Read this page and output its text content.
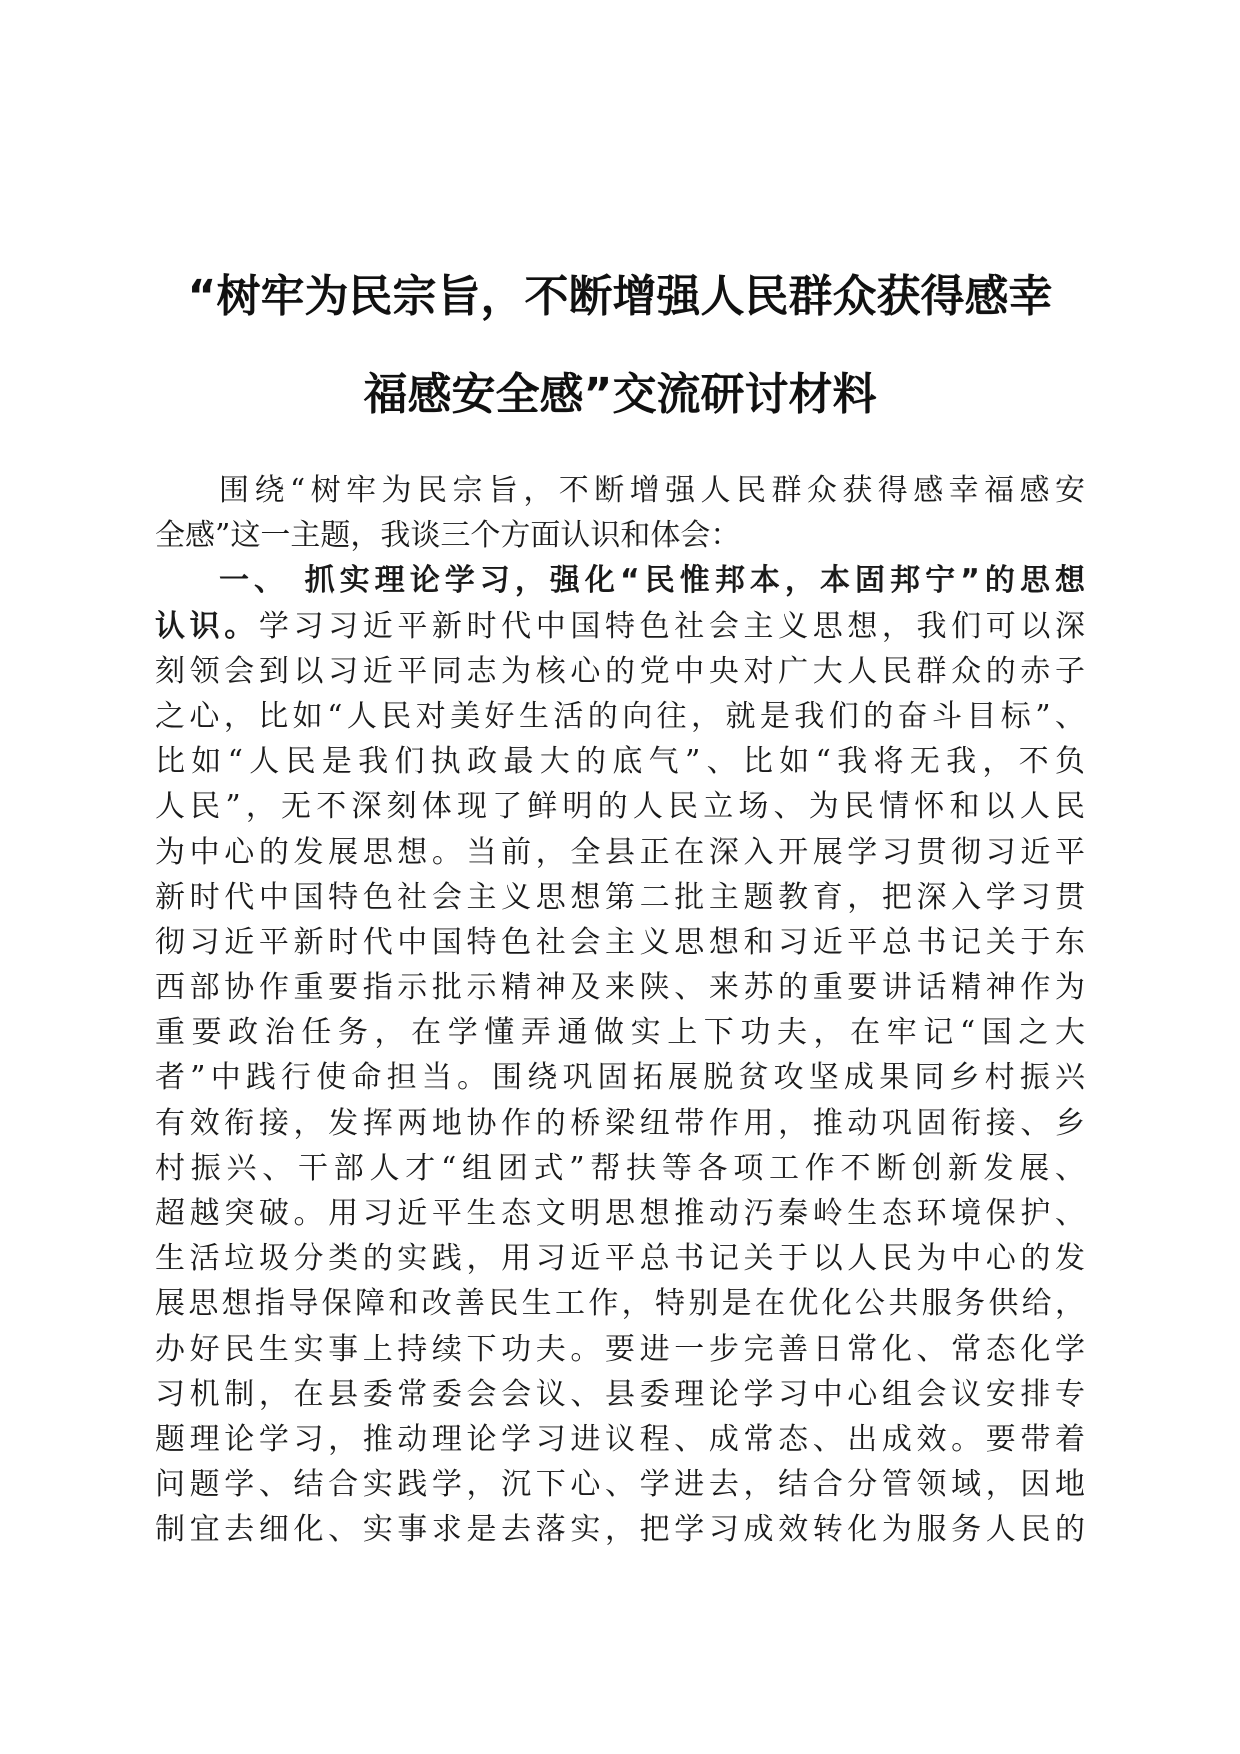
“树牢为民宗旨，不断增强人民群众获得感幸
福感安全感”交流研讨材料
围绕“树牢为民宗旨，不断增强人民群众获得感幸福感安
全感”这一主题，我谈三个方面认识和体会：
一、 抓实理论学习，强化“民惟邦本，本固邦宁”的思想
认识。学习习近平新时代中国特色社会主义思想，我们可以深
刻领会到以习近平同志为核心的党中央对广大人民群众的赤子
之心，比如“人民对美好生活的向往，就是我们的奋斗目标”、
比如“人民是我们执政最大的底气”、比如“我将无我，不负
人民”，无不深刻体现了鲜明的人民立场、为民情怀和以人民
为中心的发展思想。当前，全县正在深入开展学习贯彻习近平
新时代中国特色社会主义思想第二批主题教育，把深入学习贯
彻习近平新时代中国特色社会主义思想和习近平总书记关于东
西部协作重要指示批示精神及来陕、来苏的重要讲话精神作为
重要政治任务，在学懂弄通做实上下功夫，在牢记“国之大
者”中践行使命担当。围绕巩固拓展脱贫攻坚成果同乡村振兴
有效衔接，发挥两地协作的桥梁纽带作用，推动巩固衔接、乡
村振兴、干部人才“组团式”帮扶等各项工作不断创新发展、
超越突破。用习近平生态文明思想推动汅秦岭生态环境保护、
生活垃圾分类的实践，用习近平总书记关于以人民为中心的发
展思想指导保障和改善民生工作，特别是在优化公共服务供给，
办好民生实事上持续下功夫。要进一步完善日常化、常态化学
习机制，在县委常委会会议、县委理论学习中心组会议安排专
题理论学习，推动理论学习进议程、成常态、出成效。要带着
问题学、结合实践学，沉下心、学进去，结合分管领域，因地
制宜去细化、实事求是去落实，把学习成效转化为服务人民的
